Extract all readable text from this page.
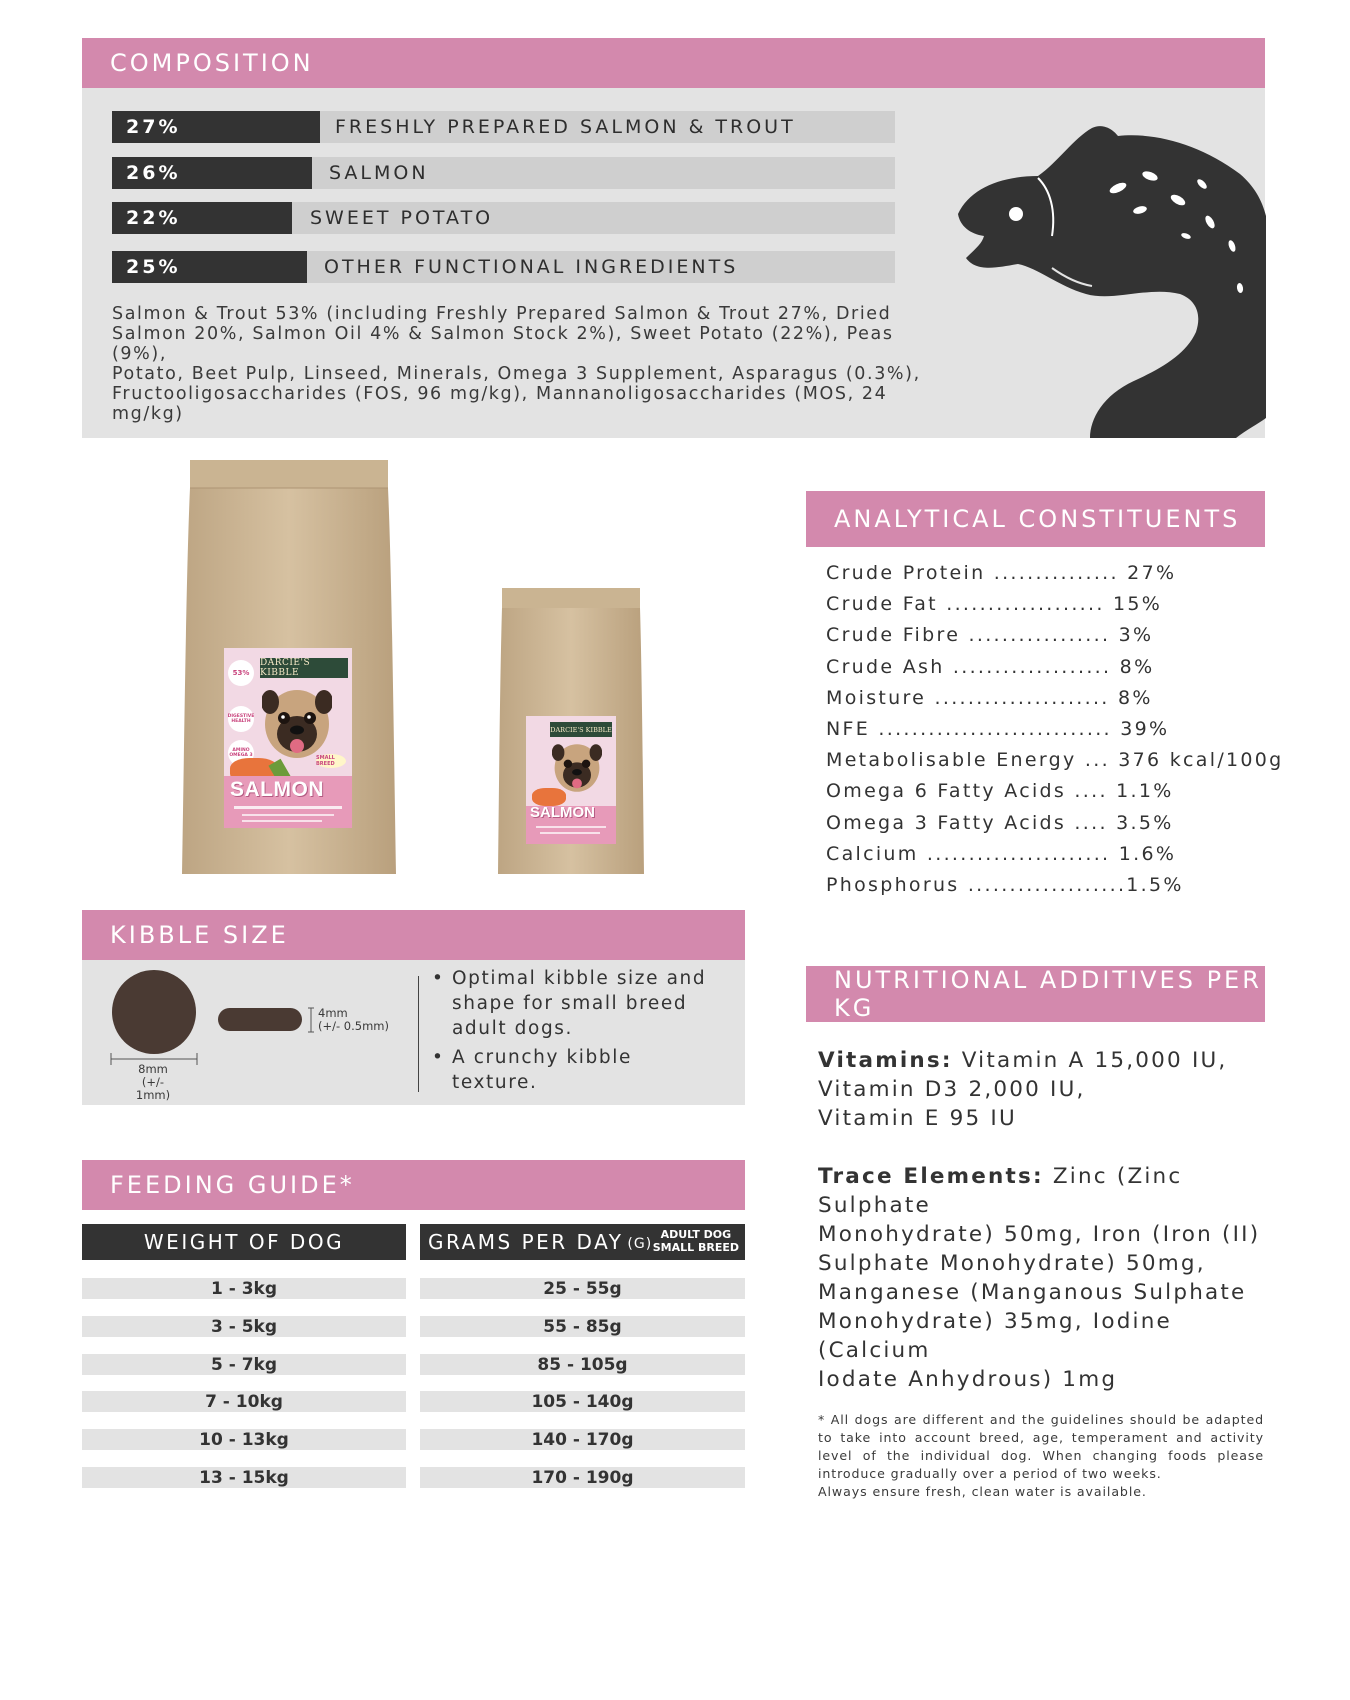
COMPOSITION
27%	FRESHLY PREPARED SALMON & TROUT
26%	SALMON
22%	SWEET POTATO
25%	OTHER FUNCTIONAL INGREDIENTS
Salmon & Trout 53% (including Freshly Prepared Salmon & Trout 27%, Dried
Salmon 20%, Salmon Oil 4% & Salmon Stock 2%), Sweet Potato (22%), Peas (9%),
Potato, Beet Pulp, Linseed, Minerals, Omega 3 Supplement, Asparagus (0.3%),
Fructooligosaccharides (FOS, 96 mg/kg), Mannanoligosaccharides (MOS, 24
mg/kg)
DARCIE'S KIBBLE
53%
DIGESTIVE HEALTH
AMINO OMEGA 3	SMALL BREED
SALMON
DARCIE'S KIBBLE
SALMON
ANALYTICAL CONSTITUENTS
Crude Protein ............... 27%
Crude Fat ................... 15%
Crude Fibre ................. 3%
Crude Ash ................... 8%
Moisture ..................... 8%
NFE ............................ 39%
Metabolisable Energy ... 376 kcal/100g
Omega 6 Fatty Acids .... 1.1%
Omega 3 Fatty Acids .... 3.5%
Calcium ...................... 1.6%
Phosphorus ...................1.5%
KIBBLE SIZE
8mm
(+/- 1mm)
4mm
(+/- 0.5mm)
• Optimal kibble size and shape for small breed adult dogs.
• A crunchy kibble texture.
FEEDING GUIDE*
WEIGHT OF DOG	GRAMS PER DAY (G)
ADULT DOG
SMALL BREED
1 - 3kg	25 - 55g
3 - 5kg	55 - 85g
5 - 7kg	85 - 105g
7 - 10kg	105 - 140g
10 - 13kg	140 - 170g
13 - 15kg	170 - 190g
NUTRITIONAL ADDITIVES PER KG
Vitamins: Vitamin A 15,000 IU,
Vitamin D3 2,000 IU,
Vitamin E 95 IU
Trace Elements: Zinc (Zinc Sulphate
Monohydrate) 50mg, Iron (Iron (II)
Sulphate Monohydrate) 50mg,
Manganese (Manganous Sulphate
Monohydrate) 35mg, Iodine (Calcium
Iodate Anhydrous) 1mg
* All dogs are different and the guidelines should be adapted to take into account breed, age, temperament and activity level of the individual dog. When changing foods please introduce gradually over a period of two weeks.
Always ensure fresh, clean water is available.
